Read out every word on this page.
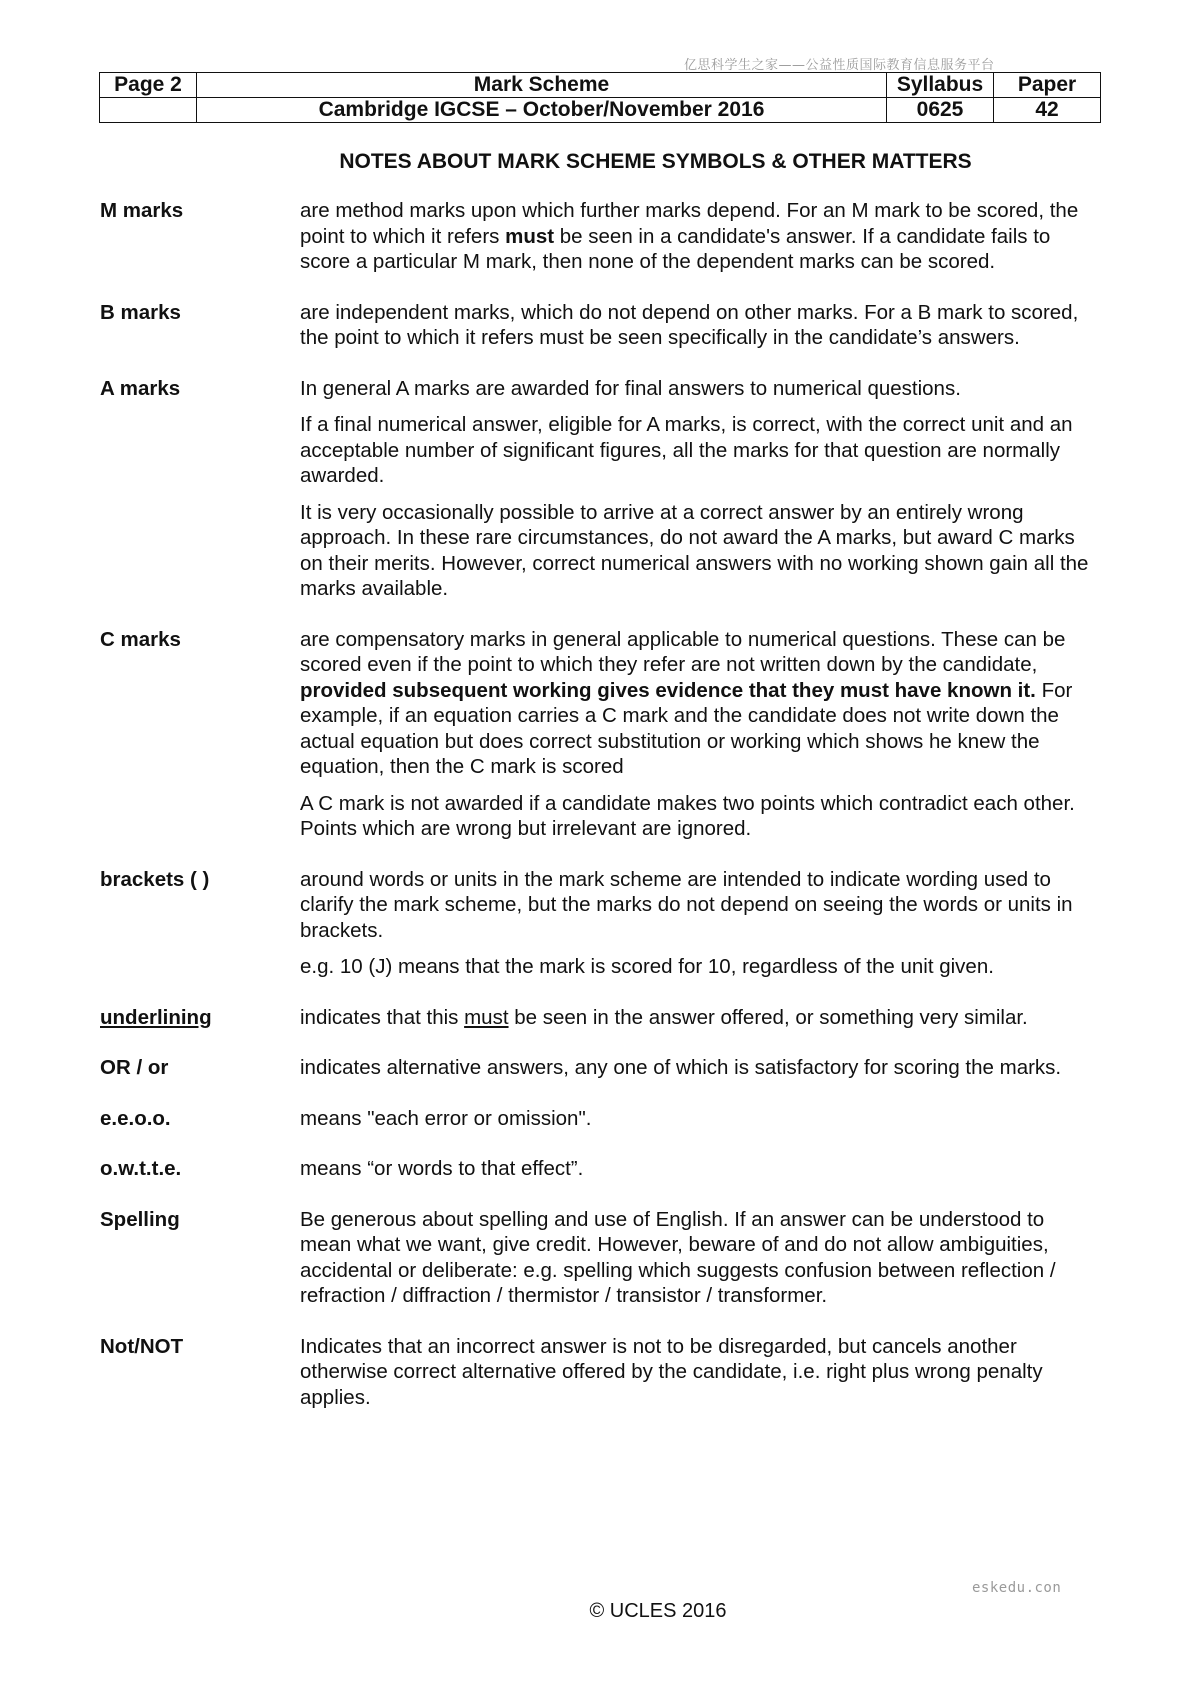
亿思科学生之家——公益性质国际教育信息服务平台
Page 2	Mark Scheme	Syllabus	Paper
	Cambridge IGCSE – October/November 2016	0625	42
NOTES ABOUT MARK SCHEME SYMBOLS & OTHER MATTERS
M marks	are method marks upon which further marks depend. For an M mark to be scored, the point to which it refers must be seen in a candidate's answer. If a candidate fails to score a particular M mark, then none of the dependent marks can be scored.

B marks	are independent marks, which do not depend on other marks. For a B mark to scored, the point to which it refers must be seen specifically in the candidate’s answers.

A marks	In general A marks are awarded for final answers to numerical questions.

If a final numerical answer, eligible for A marks, is correct, with the correct unit and an acceptable number of significant figures, all the marks for that question are normally awarded.

It is very occasionally possible to arrive at a correct answer by an entirely wrong approach. In these rare circumstances, do not award the A marks, but award C marks on their merits. However, correct numerical answers with no working shown gain all the marks available.

C marks	are compensatory marks in general applicable to numerical questions. These can be scored even if the point to which they refer are not written down by the candidate, provided subsequent working gives evidence that they must have known it. For example, if an equation carries a C mark and the candidate does not write down the actual equation but does correct substitution or working which shows he knew the equation, then the C mark is scored

A C mark is not awarded if a candidate makes two points which contradict each other. Points which are wrong but irrelevant are ignored.

brackets ( )	around words or units in the mark scheme are intended to indicate wording used to clarify the mark scheme, but the marks do not depend on seeing the words or units in brackets.

e.g. 10 (J) means that the mark is scored for 10, regardless of the unit given.

underlining	indicates that this must be seen in the answer offered, or something very similar.

OR / or	indicates alternative answers, any one of which is satisfactory for scoring the marks.

e.e.o.o.	means "each error or omission".

o.w.t.t.e.	means “or words to that effect”.

Spelling	Be generous about spelling and use of English. If an answer can be understood to mean what we want, give credit. However, beware of and do not allow ambiguities, accidental or deliberate: e.g. spelling which suggests confusion between reflection / refraction / diffraction / thermistor / transistor / transformer.

Not/NOT	Indicates that an incorrect answer is not to be disregarded, but cancels another otherwise correct alternative offered by the candidate, i.e. right plus wrong penalty applies.

eskedu.con
© UCLES 2016
